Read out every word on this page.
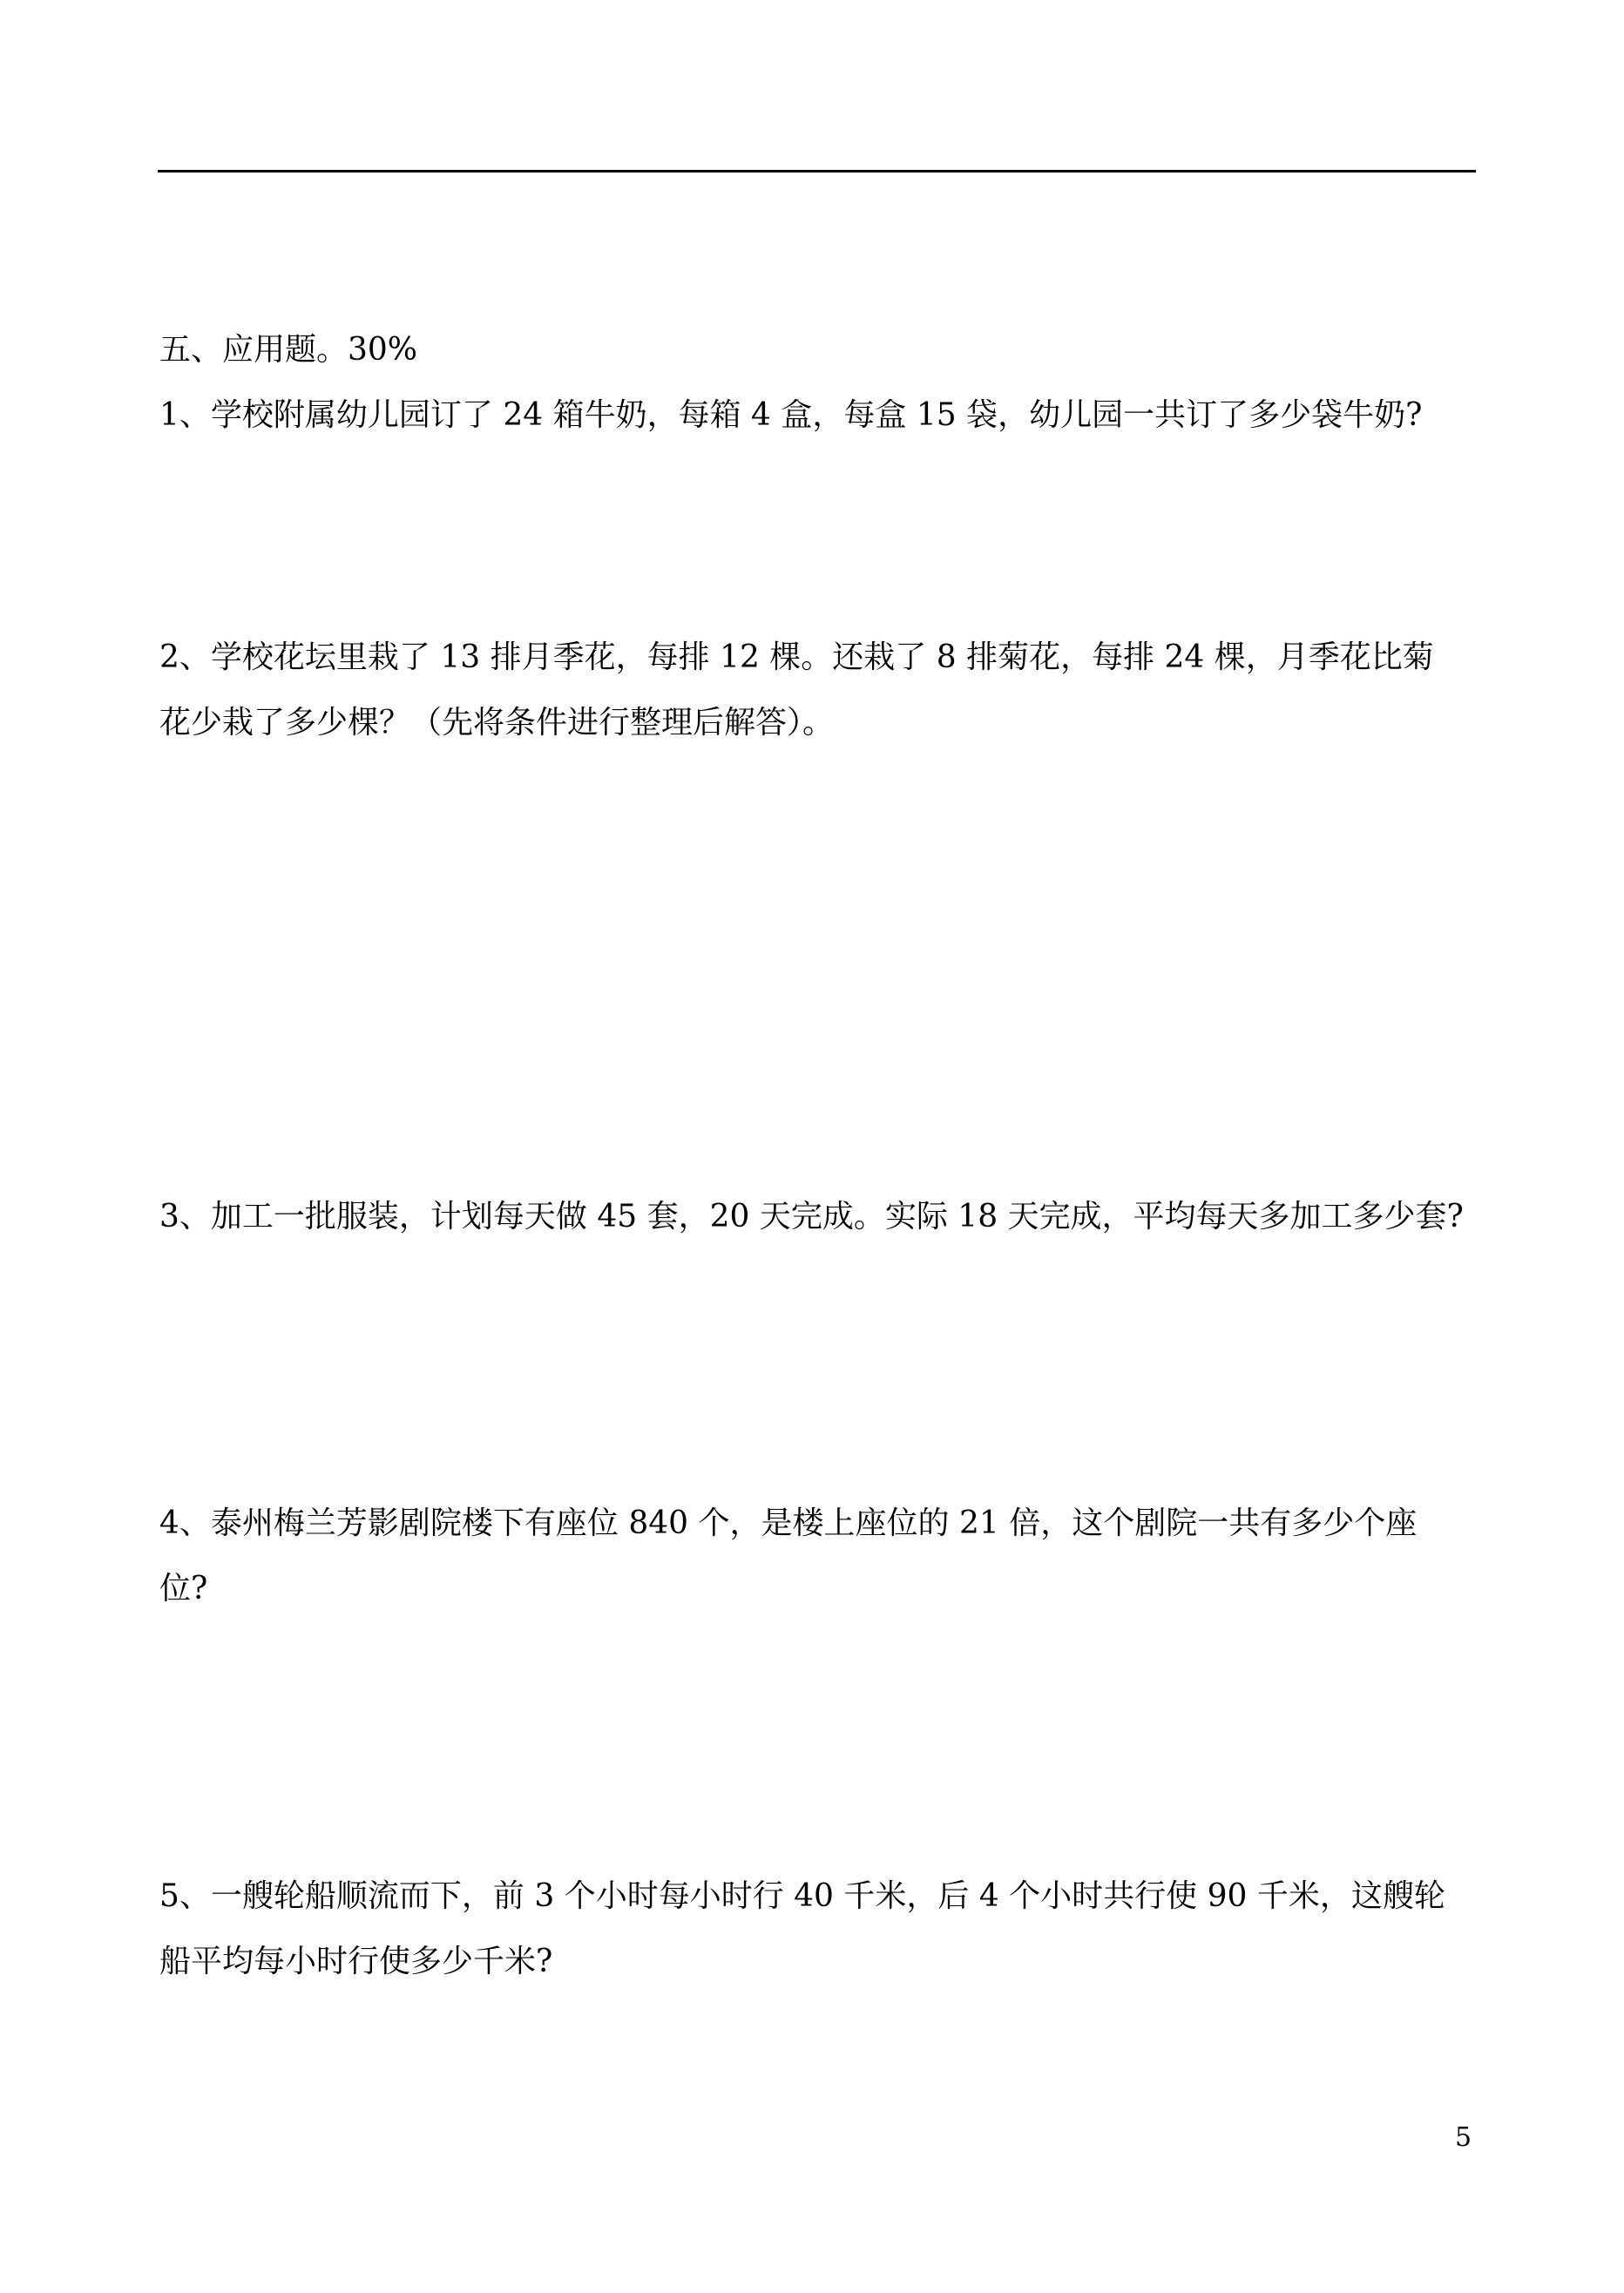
五、应用题。30%
1、学校附属幼儿园订了 24 箱牛奶，每箱 4 盒，每盒 15 袋，幼儿园一共订了多少袋牛奶?
2、学校花坛里栽了 13 排月季花，每排 12 棵。还栽了 8 排菊花，每排 24 棵，月季花比菊
花少栽了多少棵？（先将条件进行整理后解答）。
3、加工一批服装，计划每天做 45 套，20 天完成。实际 18 天完成，平均每天多加工多少套?
4、泰州梅兰芳影剧院楼下有座位 840 个，是楼上座位的 21 倍，这个剧院一共有多少个座
位?
5、一艘轮船顺流而下，前 3 个小时每小时行 40 千米，后 4 个小时共行使 90 千米，这艘轮
船平均每小时行使多少千米?
5
